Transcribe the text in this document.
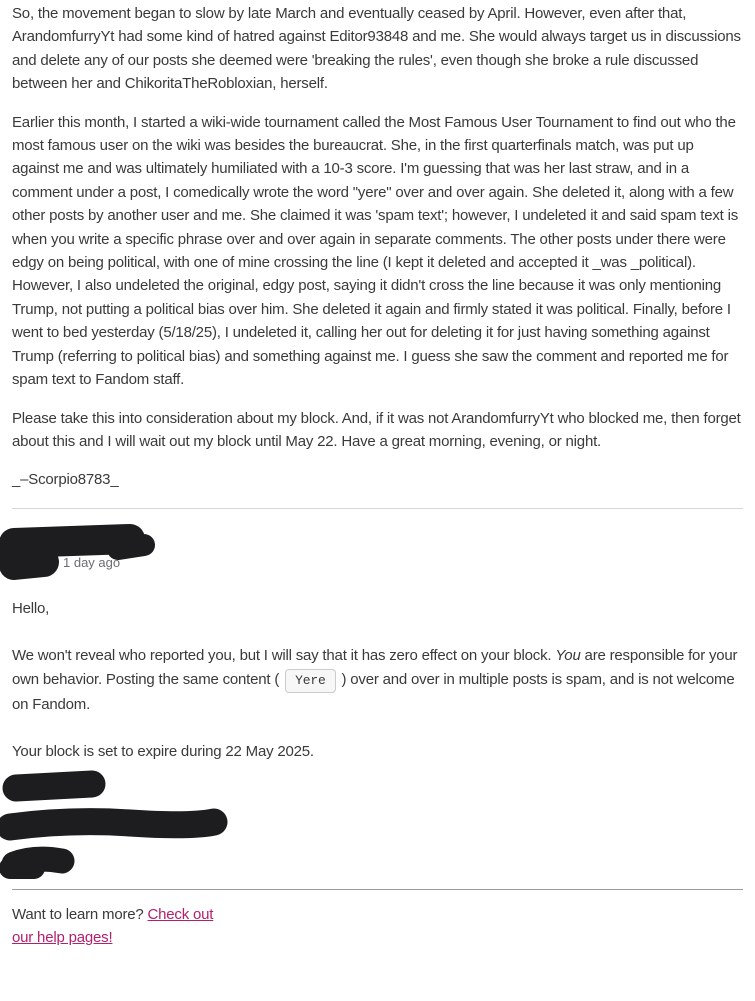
So, the movement began to slow by late March and eventually ceased by April. However, even after that, ArandomfurryYt had some kind of hatred against Editor93848 and me. She would always target us in discussions and delete any of our posts she deemed were 'breaking the rules', even though she broke a rule discussed between her and ChikoritaTheRobloxian, herself.

Earlier this month, I started a wiki-wide tournament called the Most Famous User Tournament to find out who the most famous user on the wiki was besides the bureaucrat. She, in the first quarterfinals match, was put up against me and was ultimately humiliated with a 10-3 score. I'm guessing that was her last straw, and in a comment under a post, I comedically wrote the word "yere" over and over again. She deleted it, along with a few other posts by another user and me. She claimed it was 'spam text'; however, I undeleted it and said spam text is when you write a specific phrase over and over again in separate comments. The other posts under there were edgy on being political, with one of mine crossing the line (I kept it deleted and accepted it _was _political). However, I also undeleted the original, edgy post, saying it didn't cross the line because it was only mentioning Trump, not putting a political bias over him. She deleted it again and firmly stated it was political. Finally, before I went to bed yesterday (5/18/25), I undeleted it, calling her out for deleting it for just having something against Trump (referring to political bias) and something against me. I guess she saw the comment and reported me for spam text to Fandom staff.

Please take this into consideration about my block. And, if it was not ArandomfurryYt who blocked me, then forget about this and I will wait out my block until May 22. Have a great morning, evening, or night.

_–Scorpio8783_

1 day ago

Hello,

We won't reveal who reported you, but I will say that it has zero effect on your block. You are responsible for your own behavior. Posting the same content ( Yere ) over and over in multiple posts is spam, and is not welcome on Fandom.

Your block is set to expire during 22 May 2025.

Want to learn more? Check out our help pages!
